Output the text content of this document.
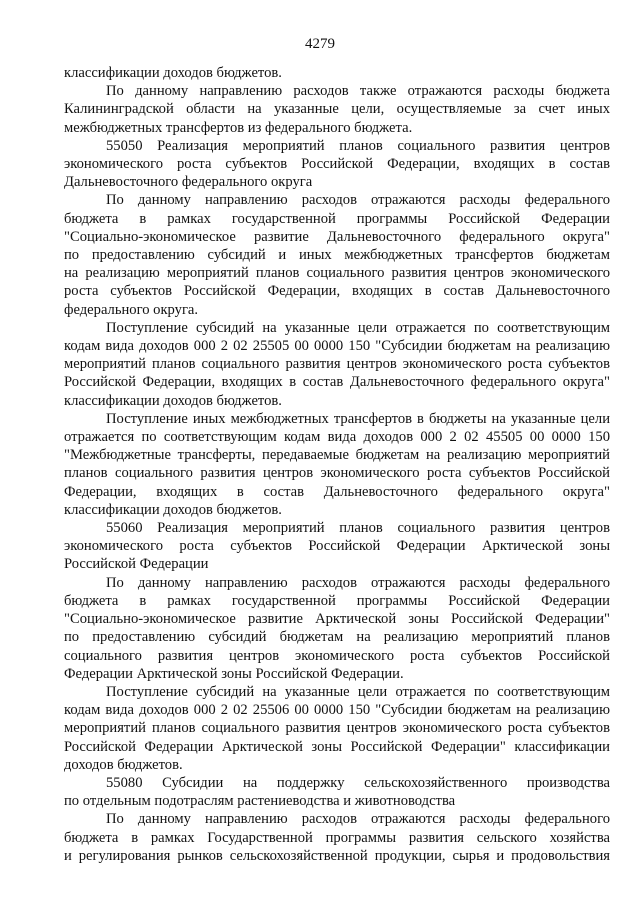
4279
классификации доходов бюджетов.
По данному направлению расходов также отражаются расходы бюджета
Калининградской области на указанные цели, осуществляемые за счет иных
межбюджетных трансфертов из федерального бюджета.
55050 Реализация мероприятий планов социального развития центров
экономического роста субъектов Российской Федерации, входящих в состав
Дальневосточного федерального округа
По данному направлению расходов отражаются расходы федерального
бюджета в рамках государственной программы Российской Федерации
"Социально-экономическое развитие Дальневосточного федерального округа"
по предоставлению субсидий и иных межбюджетных трансфертов бюджетам
на реализацию мероприятий планов социального развития центров экономического
роста субъектов Российской Федерации, входящих в состав Дальневосточного
федерального округа.
Поступление субсидий на указанные цели отражается по соответствующим
кодам вида доходов 000 2 02 25505 00 0000 150 "Субсидии бюджетам на реализацию
мероприятий планов социального развития центров экономического роста субъектов
Российской Федерации, входящих в состав Дальневосточного федерального округа"
классификации доходов бюджетов.
Поступление иных межбюджетных трансфертов в бюджеты на указанные цели
отражается по соответствующим кодам вида доходов 000 2 02 45505 00 0000 150
"Межбюджетные трансферты, передаваемые бюджетам на реализацию мероприятий
планов социального развития центров экономического роста субъектов Российской
Федерации, входящих в состав Дальневосточного федерального округа"
классификации доходов бюджетов.
55060 Реализация мероприятий планов социального развития центров
экономического роста субъектов Российской Федерации Арктической зоны
Российской Федерации
По данному направлению расходов отражаются расходы федерального
бюджета в рамках государственной программы Российской Федерации
"Социально-экономическое развитие Арктической зоны Российской Федерации"
по предоставлению субсидий бюджетам на реализацию мероприятий планов
социального развития центров экономического роста субъектов Российской
Федерации Арктической зоны Российской Федерации.
Поступление субсидий на указанные цели отражается по соответствующим
кодам вида доходов 000 2 02 25506 00 0000 150 "Субсидии бюджетам на реализацию
мероприятий планов социального развития центров экономического роста субъектов
Российской Федерации Арктической зоны Российской Федерации" классификации
доходов бюджетов.
55080 Субсидии на поддержку сельскохозяйственного производства
по отдельным подотраслям растениеводства и животноводства
По данному направлению расходов отражаются расходы федерального
бюджета в рамках Государственной программы развития сельского хозяйства
и регулирования рынков сельскохозяйственной продукции, сырья и продовольствия
